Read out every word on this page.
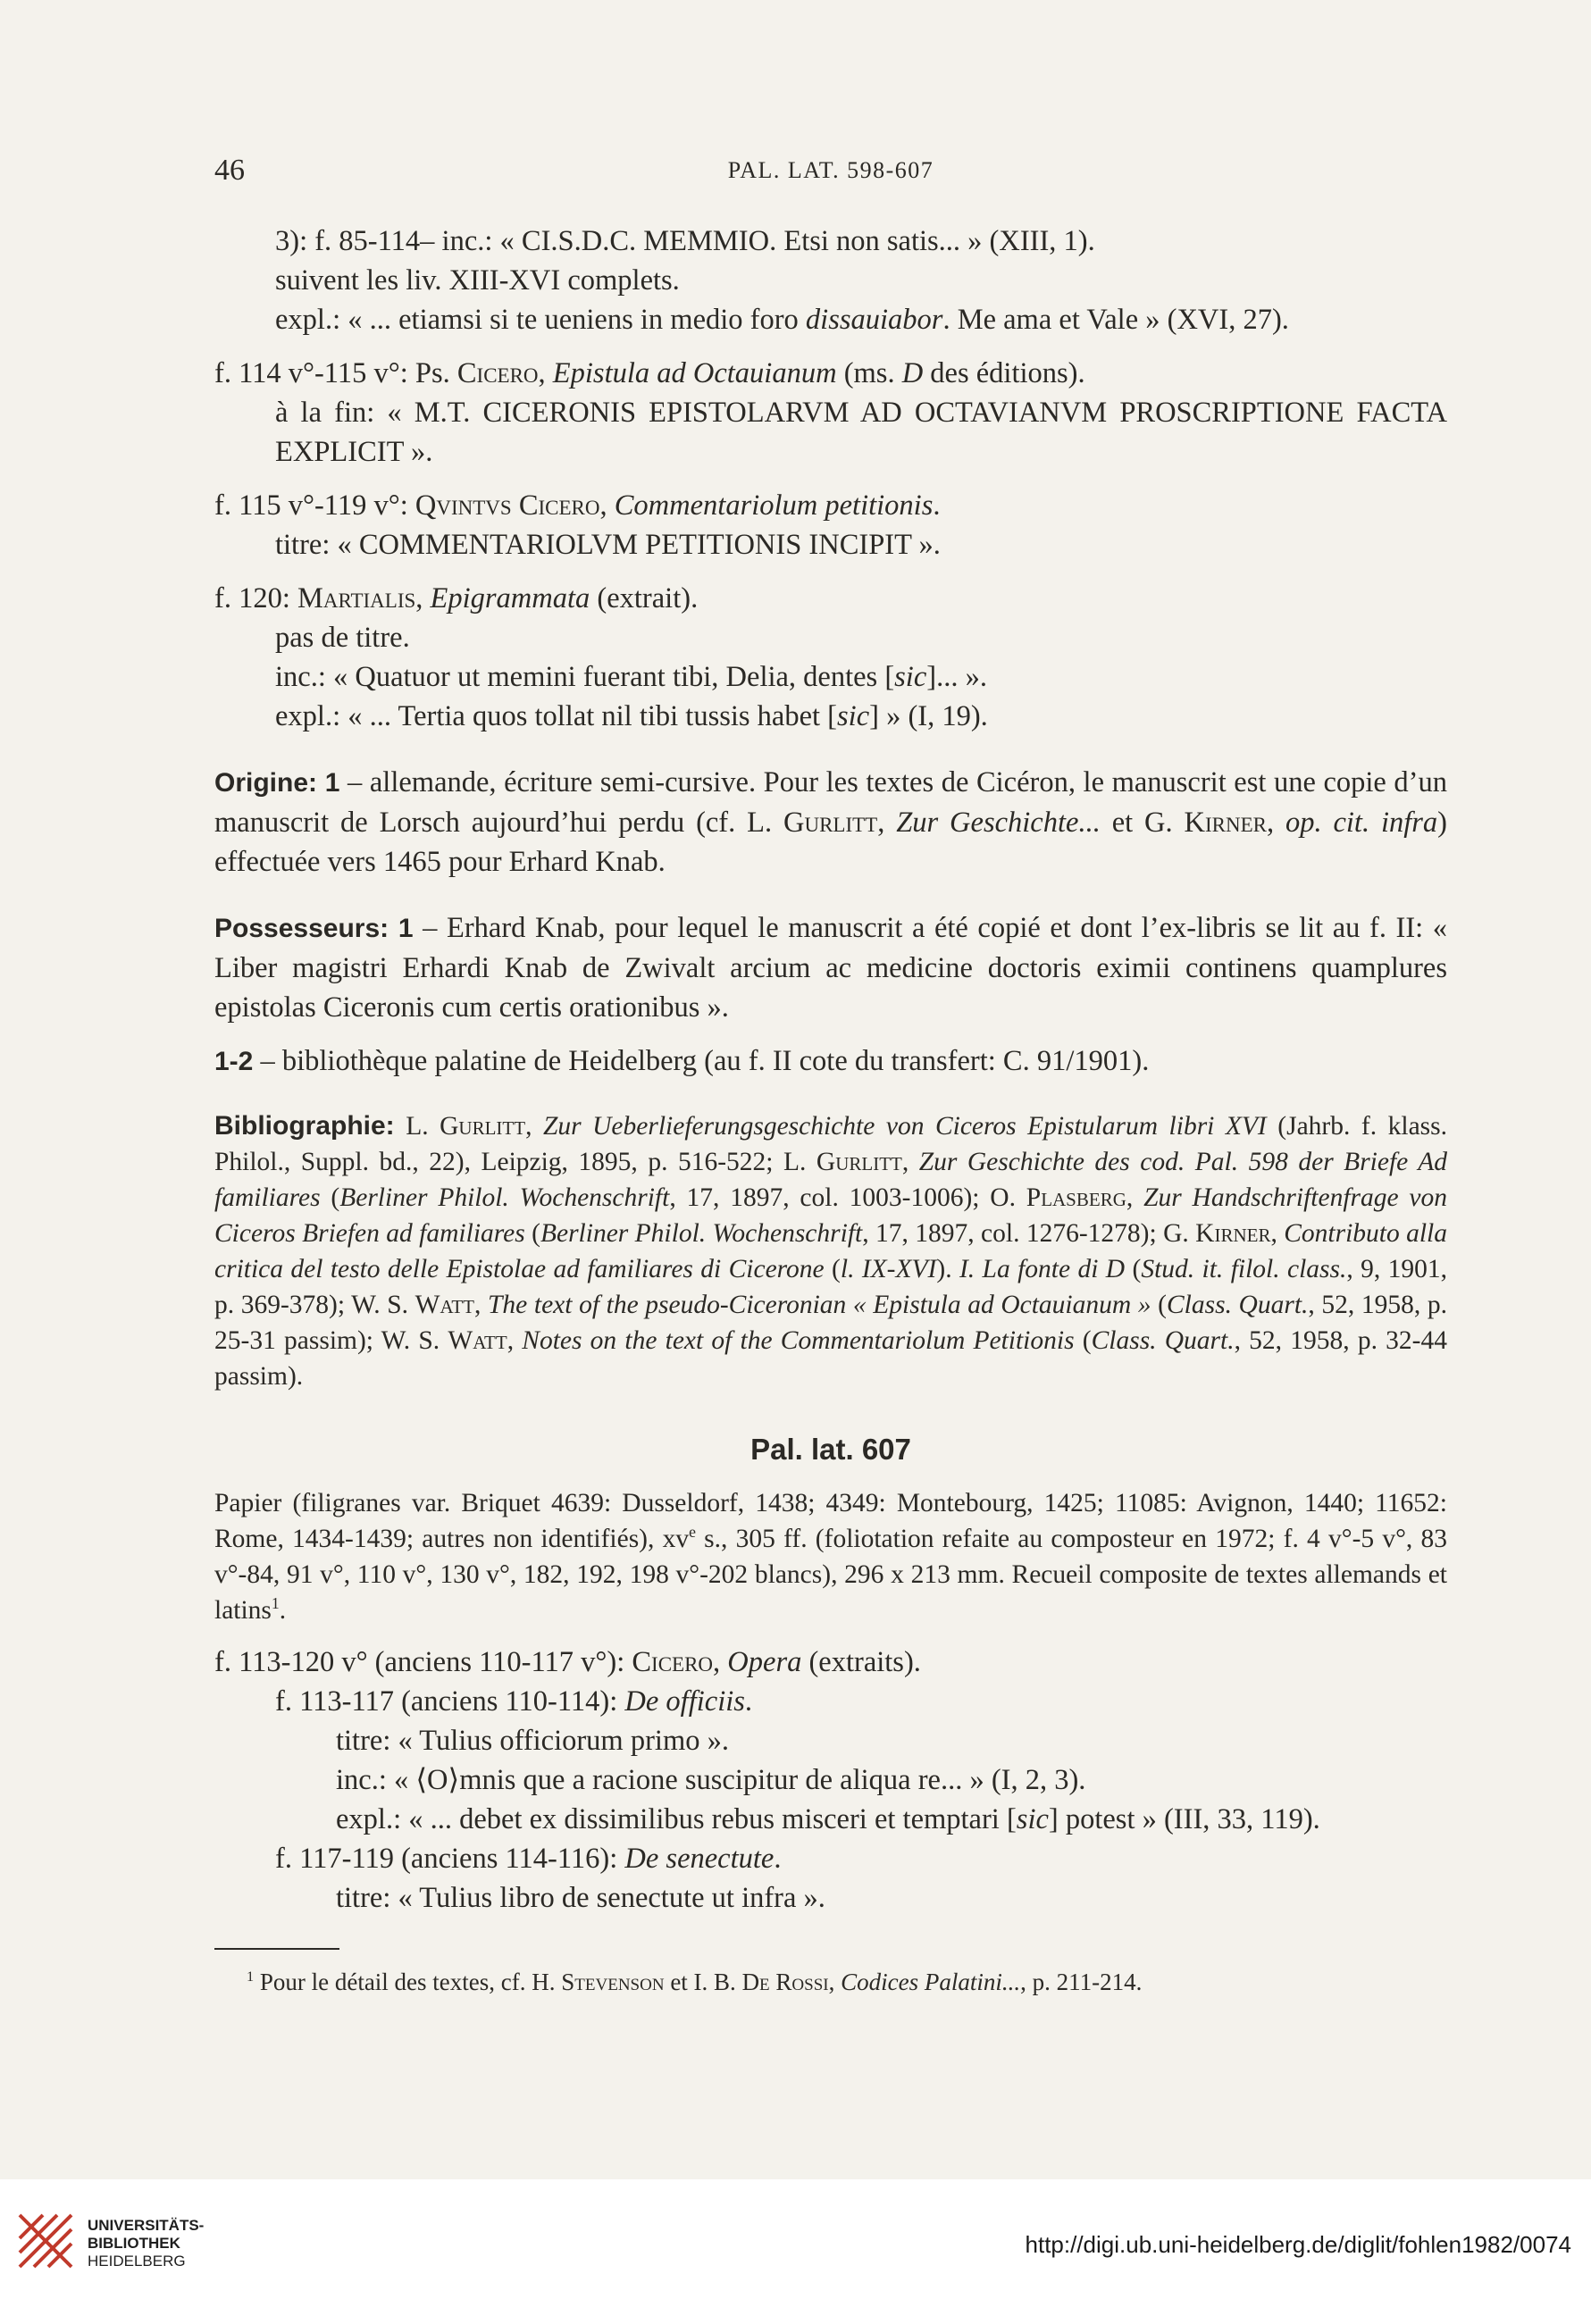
46	PAL. LAT. 598-607

3): f. 85-114– inc.: « CI.S.D.C. MEMMIO. Etsi non satis... » (XIII, 1).

suivent les liv. XIII-XVI complets.

expl.: « ... etiamsi si te ueniens in medio foro dissauiabor. Me ama et Vale » (XVI, 27).

f. 114 v°-115 v°: Ps. Cicero, Epistula ad Octauianum (ms. D des éditions).

à la fin: « M.T. CICERONIS EPISTOLARVM AD OCTAVIANVM PROSCRIPTIONE FACTA EXPLICIT ».

f. 115 v°-119 v°: Qvintvs Cicero, Commentariolum petitionis.

titre: « COMMENTARIOLVM PETITIONIS INCIPIT ».

f. 120: Martialis, Epigrammata (extrait).

pas de titre.

inc.: « Quatuor ut memini fuerant tibi, Delia, dentes [sic]... ».

expl.: « ... Tertia quos tollat nil tibi tussis habet [sic] » (I, 19).

Origine: 1 – allemande, écriture semi-cursive. Pour les textes de Cicéron, le manuscrit est une copie d’un manuscrit de Lorsch aujourd’hui perdu (cf. L. Gurlitt, Zur Geschichte... et G. Kirner, op. cit. infra) effectuée vers 1465 pour Erhard Knab.

Possesseurs: 1 – Erhard Knab, pour lequel le manuscrit a été copié et dont l’ex-libris se lit au f. II: « Liber magistri Erhardi Knab de Zwivalt arcium ac medicine doctoris eximii continens quamplures epistolas Ciceronis cum certis orationibus ».

1-2 – bibliothèque palatine de Heidelberg (au f. II cote du transfert: C. 91/1901).

Bibliographie: L. Gurlitt, Zur Ueberlieferungsgeschichte von Ciceros Epistularum libri XVI (Jahrb. f. klass. Philol., Suppl. bd., 22), Leipzig, 1895, p. 516-522; L. Gurlitt, Zur Geschichte des cod. Pal. 598 der Briefe Ad familiares (Berliner Philol. Wochenschrift, 17, 1897, col. 1003-1006); O. Plasberg, Zur Handschriftenfrage von Ciceros Briefen ad familiares (Berliner Philol. Wochenschrift, 17, 1897, col. 1276-1278); G. Kirner, Contributo alla critica del testo delle Epistolae ad familiares di Cicerone (l. IX-XVI). I. La fonte di D (Stud. it. filol. class., 9, 1901, p. 369-378); W. S. Watt, The text of the pseudo-Ciceronian « Epistula ad Octauianum » (Class. Quart., 52, 1958, p. 25-31 passim); W. S. Watt, Notes on the text of the Commentariolum Petitionis (Class. Quart., 52, 1958, p. 32-44 passim).

Pal. lat. 607

Papier (filigranes var. Briquet 4639: Dusseldorf, 1438; 4349: Montebourg, 1425; 11085: Avignon, 1440; 11652: Rome, 1434-1439; autres non identifiés), $xv^e$ s., 305 ff. (foliotation refaite au composteur en 1972; f. 4 v°-5 v°, 83 v°-84, 91 v°, 110 v°, 130 v°, 182, 192, 198 v°-202 blancs), 296 x 213 mm. Recueil composite de textes allemands et latins$^1$.

f. 113-120 v° (anciens 110-117 v°): Cicero, Opera (extraits).

f. 113-117 (anciens 110-114): De officiis.

titre: « Tulius officiorum primo ».

inc.: « ⟨O⟩mnis que a racione suscipitur de aliqua re... » (I, 2, 3).

expl.: « ... debet ex dissimilibus rebus misceri et temptari [sic] potest » (III, 33, 119).

f. 117-119 (anciens 114-116): De senectute.

titre: « Tulius libro de senectute ut infra ».

$^1$ Pour le détail des textes, cf. H. Stevenson et I. B. De Rossi, Codices Palatini..., p. 211-214.

UNIVERSITÄTS-
BIBLIOTHEK
HEIDELBERG
http://digi.ub.uni-heidelberg.de/diglit/fohlen1982/0074
